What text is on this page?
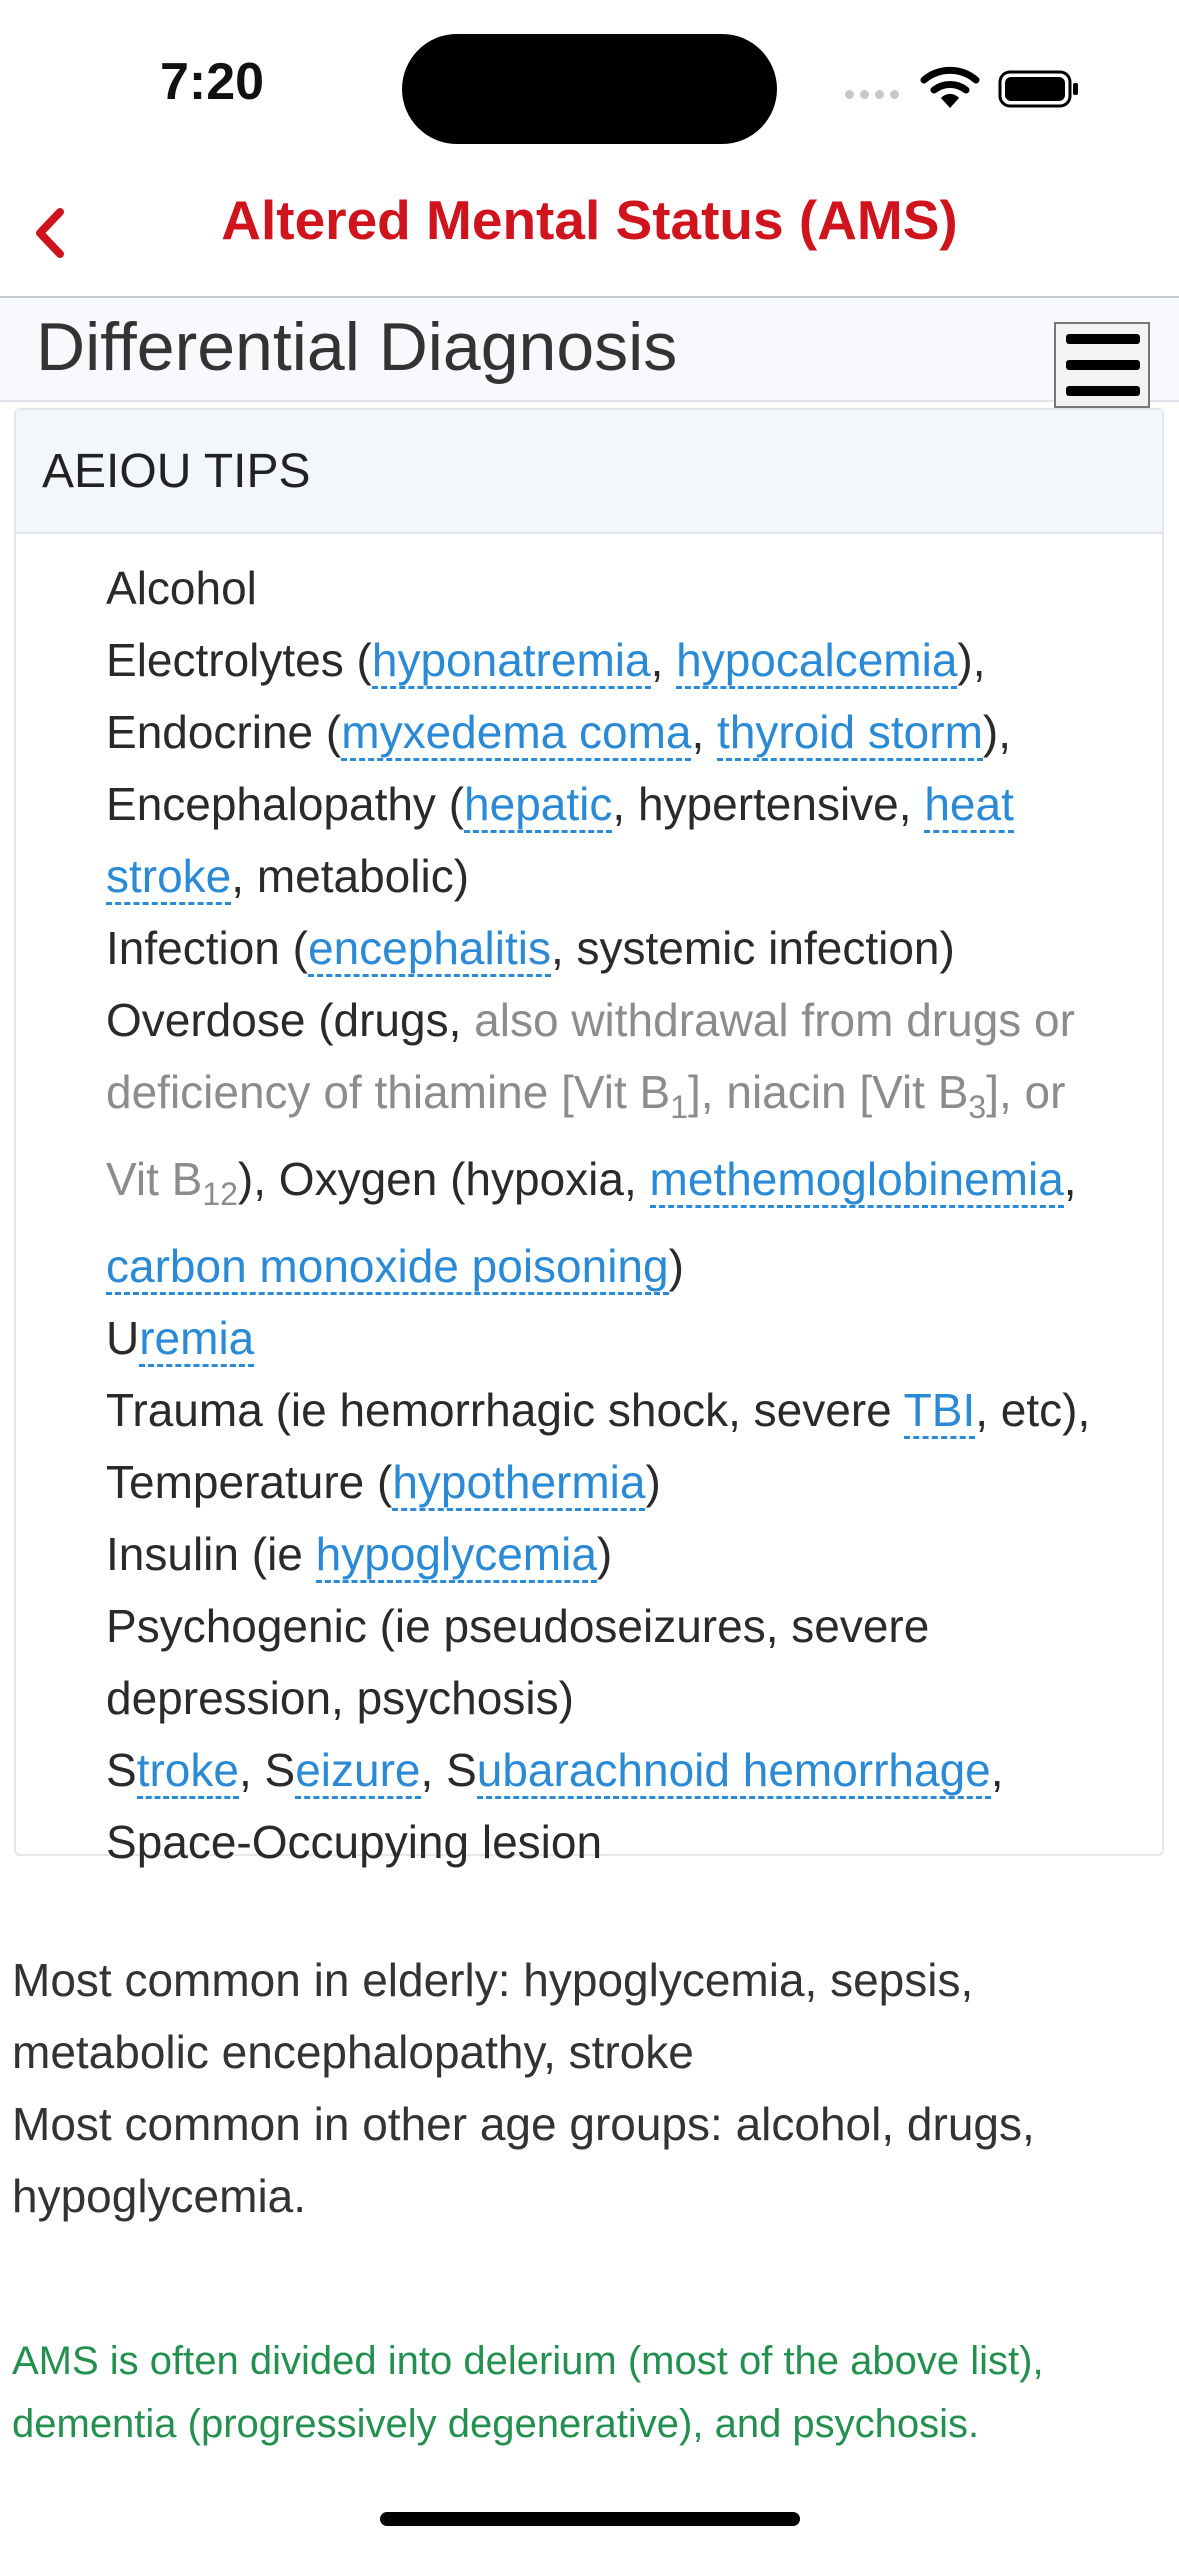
7:20
Altered Mental Status (AMS)
Differential Diagnosis
AEIOU TIPS
Alcohol
Electrolytes (hyponatremia, hypocalcemia),
Endocrine (myxedema coma, thyroid storm),
Encephalopathy (hepatic, hypertensive, heat
stroke, metabolic)
Infection (encephalitis, systemic infection)
Overdose (drugs, also withdrawal from drugs or
deficiency of thiamine [Vit $B_1$], niacin [Vit $B_3$], or
Vit $B_{12}$), Oxygen (hypoxia, methemoglobinemia,
carbon monoxide poisoning)
Uremia
Trauma (ie hemorrhagic shock, severe TBI, etc),
Temperature (hypothermia)
Insulin (ie hypoglycemia)
Psychogenic (ie pseudoseizures, severe
depression, psychosis)
Stroke, Seizure, Subarachnoid hemorrhage,
Space-Occupying lesion
Most common in elderly: hypoglycemia, sepsis,
metabolic encephalopathy, stroke
Most common in other age groups: alcohol, drugs,
hypoglycemia.
AMS is often divided into delerium (most of the above list),
dementia (progressively degenerative), and psychosis.
